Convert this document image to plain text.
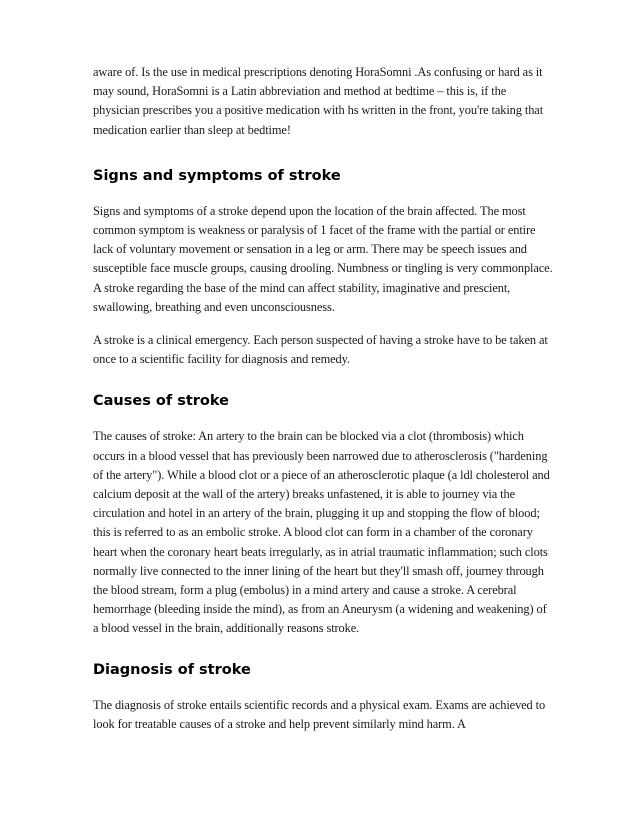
aware of. Is the use in medical prescriptions denoting HoraSomni .As confusing or hard as it may sound, HoraSomni is a Latin abbreviation and method at bedtime – this is, if the physician prescribes you a positive medication with hs written in the front, you're taking that medication earlier than sleep at bedtime!

Signs and symptoms of stroke

Signs and symptoms of a stroke depend upon the location of the brain affected. The most common symptom is weakness or paralysis of 1 facet of the frame with the partial or entire lack of voluntary movement or sensation in a leg or arm. There may be speech issues and susceptible face muscle groups, causing drooling. Numbness or tingling is very commonplace. A stroke regarding the base of the mind can affect stability, imaginative and prescient, swallowing, breathing and even unconsciousness.

A stroke is a clinical emergency. Each person suspected of having a stroke have to be taken at once to a scientific facility for diagnosis and remedy.

Causes of stroke

The causes of stroke: An artery to the brain can be blocked via a clot (thrombosis) which occurs in a blood vessel that has previously been narrowed due to atherosclerosis ("hardening of the artery"). While a blood clot or a piece of an atherosclerotic plaque (a ldl cholesterol and calcium deposit at the wall of the artery) breaks unfastened, it is able to journey via the circulation and hotel in an artery of the brain, plugging it up and stopping the flow of blood; this is referred to as an embolic stroke. A blood clot can form in a chamber of the coronary heart when the coronary heart beats irregularly, as in atrial traumatic inflammation; such clots normally live connected to the inner lining of the heart but they'll smash off, journey through the blood stream, form a plug (embolus) in a mind artery and cause a stroke. A cerebral hemorrhage (bleeding inside the mind), as from an Aneurysm (a widening and weakening) of a blood vessel in the brain, additionally reasons stroke.

Diagnosis of stroke

The diagnosis of stroke entails scientific records and a physical exam. Exams are achieved to look for treatable causes of a stroke and help prevent similarly mind harm. A
